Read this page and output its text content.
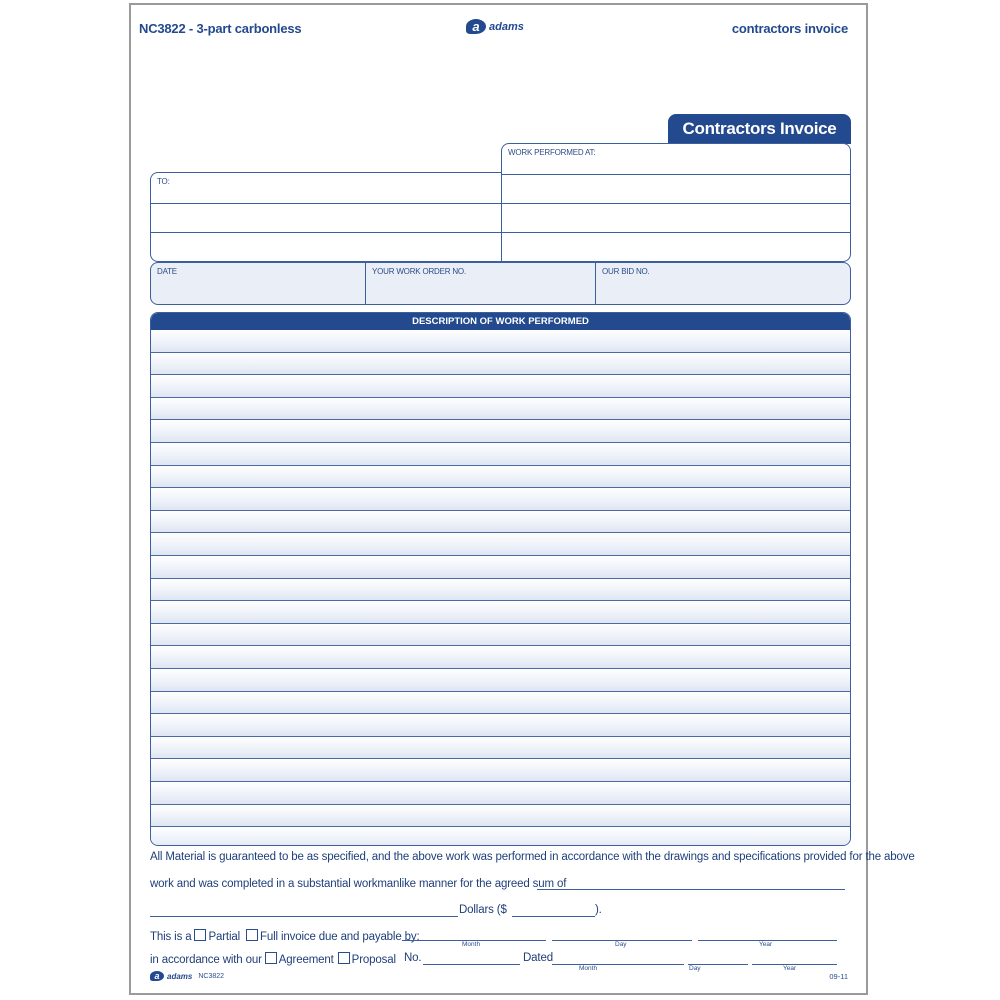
NC3822 - 3-part carbonless	a adams	contractors invoice
Contractors Invoice
TO:
WORK PERFORMED AT:
DATE	YOUR WORK ORDER NO.	OUR BID NO.
DESCRIPTION OF WORK PERFORMED
All Material is guaranteed to be as specified, and the above work was performed in accordance with the drawings and specifications provided for the above
work and was completed in a substantial workmanlike manner for the agreed sum of
Dollars ($	).
This is a Partial Full invoice due and payable by:
Month	Day	Year
in accordance with our Agreement Proposal No.	Dated
Month	Day	Year
a adams NC3822	09-11
